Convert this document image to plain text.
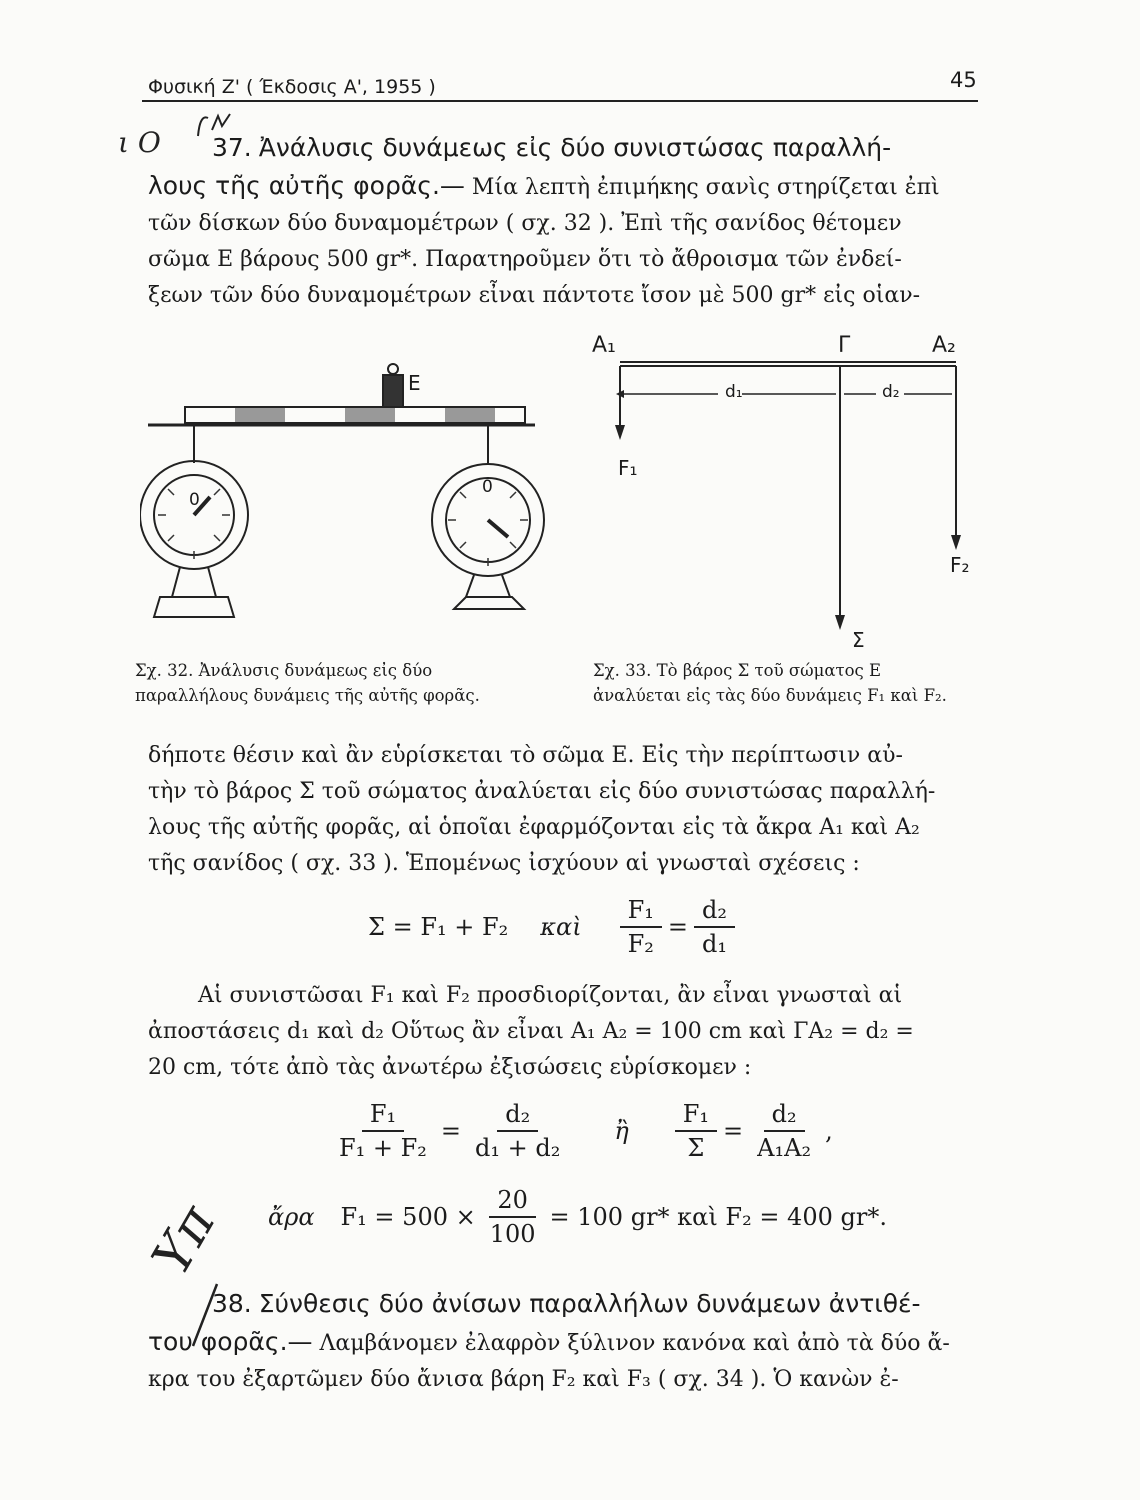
Φυσική Ζ' ( Έκδοσις Α', 1955 )	45
ι Ο	37. Ἀνάλυσις δυνάμεως εἰς δύο συνιστώσας παραλλή-

λους τῆς αὐτῆς φορᾶς.— Μία λεπτὴ ἐπιμήκης σανὶς στηρίζεται ἐπὶ

τῶν δίσκων δύο δυναμομέτρων ( σχ. 32 ). Ἐπὶ τῆς σανίδος θέτομεν

σῶμα Ε βάρους 500 gr*. Παρατηροῦμεν ὅτι τὸ ἄθροισμα τῶν ἐνδεί-

ξεων τῶν δύο δυναμομέτρων εἶναι πάντοτε ἴσον μὲ 500 gr* εἰς οἱαν-

Ε
0
0
Σχ. 32. Ἀνάλυσις δυνάμεως εἰς δύο
παραλλήλους δυνάμεις τῆς αὐτῆς φορᾶς.
Α₁	Γ	Α₂
d₁	d₂
F₁
F₂
Σ
Σχ. 33. Τὸ βάρος Σ τοῦ σώματος Ε
ἀναλύεται εἰς τὰς δύο δυνάμεις F₁ καὶ F₂.

δήποτε θέσιν καὶ ἂν εὑρίσκεται τὸ σῶμα Ε. Εἰς τὴν περίπτωσιν αὐ-

τὴν τὸ βάρος Σ τοῦ σώματος ἀναλύεται εἰς δύο συνιστώσας παραλλή-

λους τῆς αὐτῆς φορᾶς, αἱ ὁποῖαι ἐφαρμόζονται εἰς τὰ ἄκρα Α₁ καὶ Α₂

τῆς σανίδος ( σχ. 33 ). Ἑπομένως ἰσχύουν αἱ γνωσταὶ σχέσεις :

Σ = F₁ + F₂ καὶ $\frac{\text{F₁}}{\text{F₂}} = \frac{\text{d₂}}{\text{d₁}}$

Αἱ συνιστῶσαι F₁ καὶ F₂ προσδιορίζονται, ἂν εἶναι γνωσταὶ αἱ

ἀποστάσεις d₁ καὶ d₂ Οὕτως ἂν εἶναι Α₁ Α₂ = 100 cm καὶ ΓΑ₂ = d₂ =

20 cm, τότε ἀπὸ τὰς ἀνωτέρω ἐξισώσεις εὑρίσκομεν :

$\frac{\text{F₁}}{\text{F₁ + F₂}} = \frac{\text{d₂}}{\text{d₁ + d₂}}$ ἢ $\frac{\text{F₁}}{\Sigma} = \frac{\text{d₂}}{\text{Α₁Α₂}}$ ,
ἄρα $F_1 = 500 \times \frac{20}{100} = 100$ gr* καὶ F₂ = 400 gr*.
Υπ

38. Σύνθεσις δύο ἀνίσων παραλλήλων δυνάμεων ἀντιθέ-

του φορᾶς.— Λαμβάνομεν ἐλαφρὸν ξύλινον κανόνα καὶ ἀπὸ τὰ δύο ἄ-

κρα του ἐξαρτῶμεν δύο ἄνισα βάρη F₂ καὶ F₃ ( σχ. 34 ). Ὁ κανὼν ἐ-
